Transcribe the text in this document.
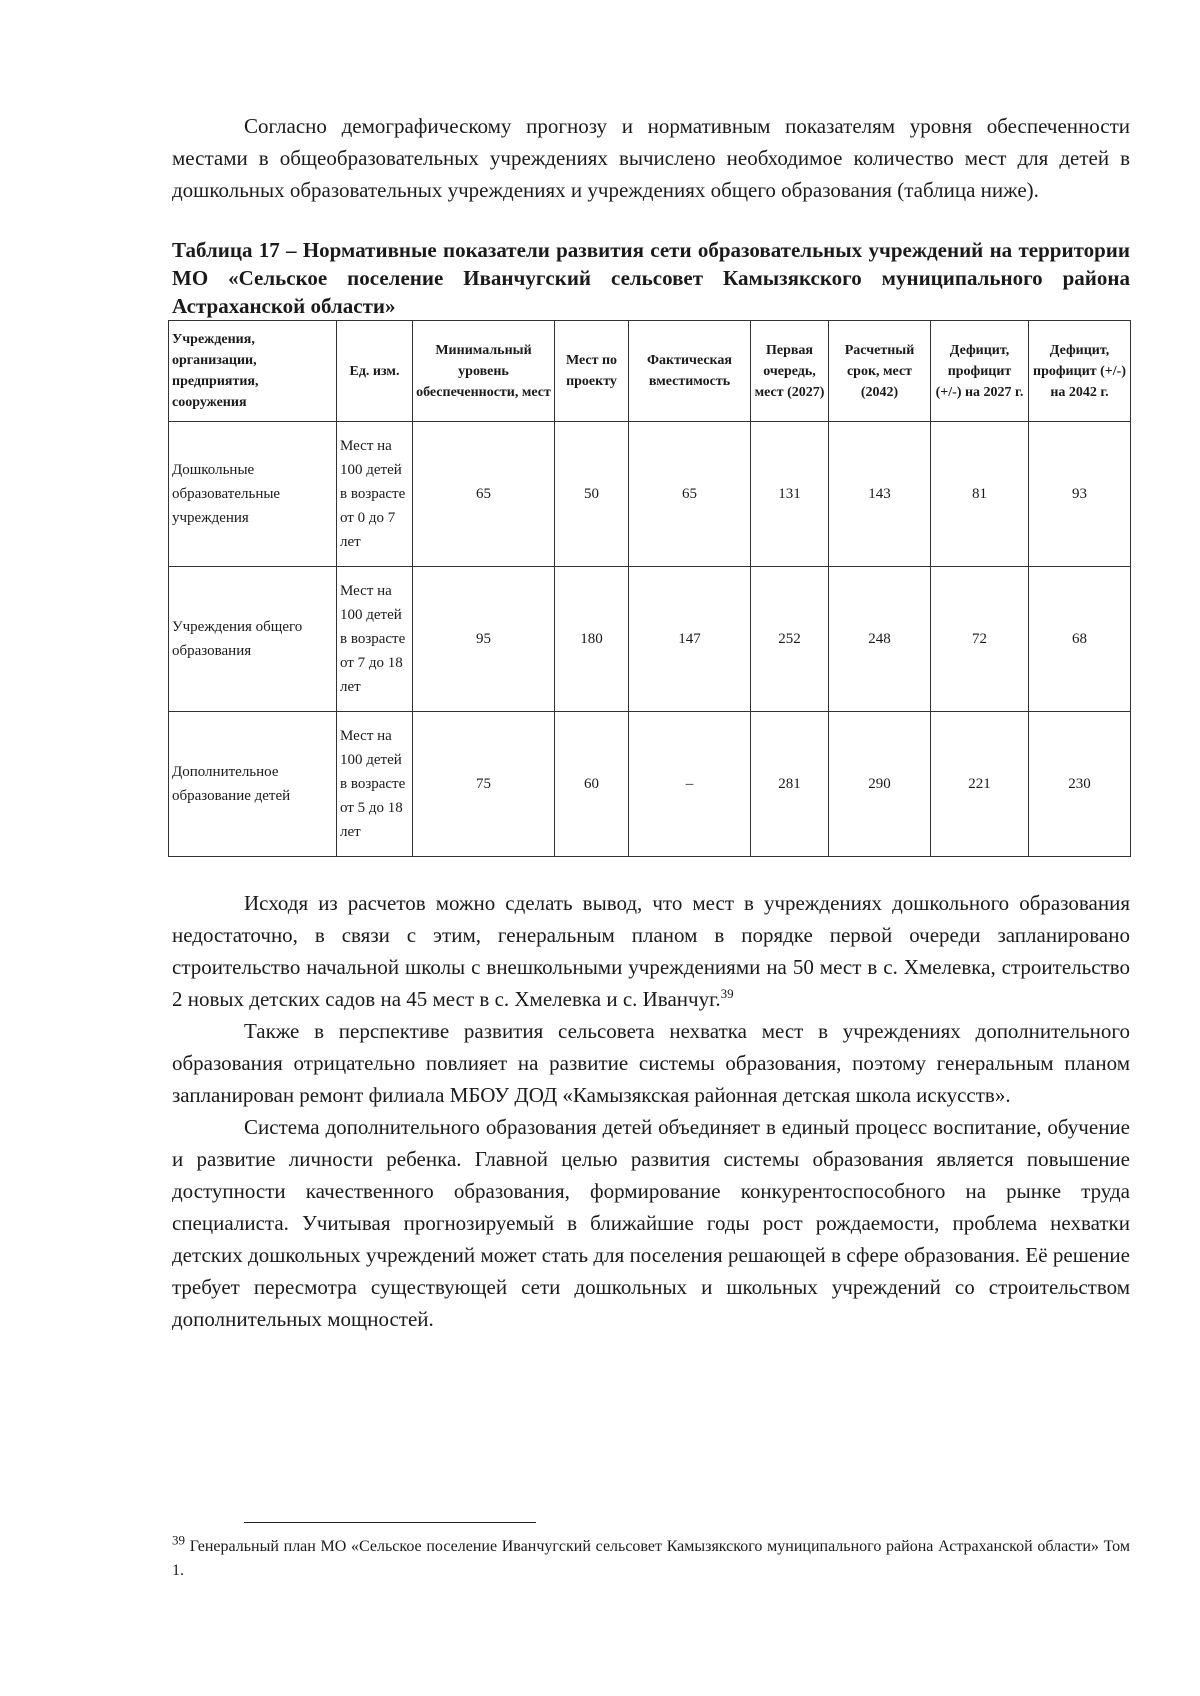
Согласно демографическому прогнозу и нормативным показателям уровня обеспеченности местами в общеобразовательных учреждениях вычислено необходимое количество мест для детей в дошкольных образовательных учреждениях и учреждениях общего образования (таблица ниже).

Таблица 17 – Нормативные показатели развития сети образовательных учреждений на территории МО «Сельское поселение Иванчугский сельсовет Камызякского муниципального района Астраханской области»

Учреждения, организации, предприятия, сооружения	Ед. изм.	Минимальный уровень обеспеченности, мест	Мест по проекту	Фактическая вместимость	Первая очередь, мест (2027)	Расчетный срок, мест (2042)	Дефицит, профицит (+/-) на 2027 г.	Дефицит, профицит (+/-) на 2042 г.
Дошкольные образовательные учреждения	Мест на 100 детей в возрасте от 0 до 7 лет	65	50	65	131	143	81	93
Учреждения общего образования	Мест на 100 детей в возрасте от 7 до 18 лет	95	180	147	252	248	72	68
Дополнительное образование детей	Мест на 100 детей в возрасте от 5 до 18 лет	75	60	–	281	290	221	230

Исходя из расчетов можно сделать вывод, что мест в учреждениях дошкольного образования недостаточно, в связи с этим, генеральным планом в порядке первой очереди запланировано строительство начальной школы с внешкольными учреждениями на 50 мест в с. Хмелевка, строительство 2 новых детских садов на 45 мест в с. Хмелевка и с. Иванчуг.$^{39}$

Также в перспективе развития сельсовета нехватка мест в учреждениях дополнительного образования отрицательно повлияет на развитие системы образования, поэтому генеральным планом запланирован ремонт филиала МБОУ ДОД «Камызякская районная детская школа искусств».

Система дополнительного образования детей объединяет в единый процесс воспитание, обучение и развитие личности ребенка. Главной целью развития системы образования является повышение доступности качественного образования, формирование конкурентоспособного на рынке труда специалиста. Учитывая прогнозируемый в ближайшие годы рост рождаемости, проблема нехватки детских дошкольных учреждений может стать для поселения решающей в сфере образования. Её решение требует пересмотра существующей сети дошкольных и школьных учреждений со строительством дополнительных мощностей.

$^{39}$ Генеральный план МО «Сельское поселение Иванчугский сельсовет Камызякского муниципального района Астраханской области» Том 1.
